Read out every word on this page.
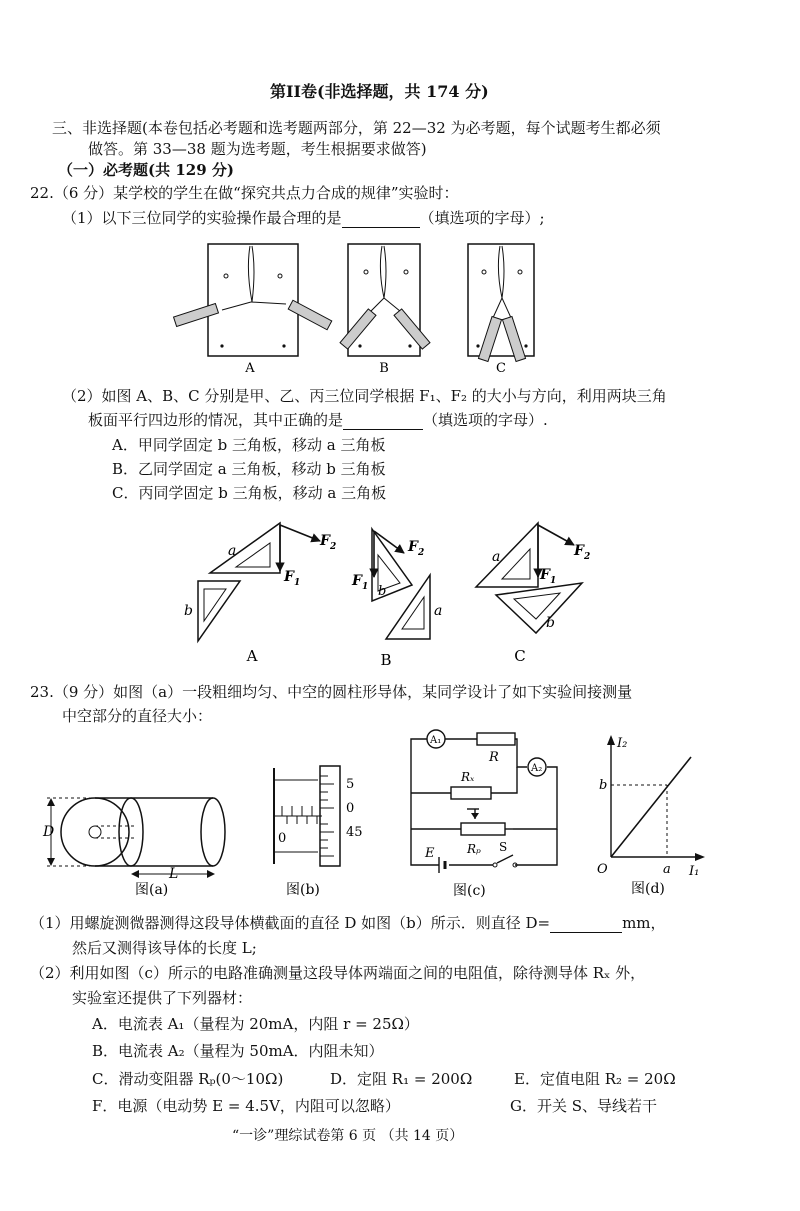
第II卷(非选择题，共 174 分)
三、非选择题(本卷包括必考题和选考题两部分，第 22—32 为必考题，每个试题考生都必须
做答。第 33—38 题为选考题，考生根据要求做答)
（一）必考题(共 129 分)
22.（6 分）某学校的学生在做“探究共点力合成的规律”实验时：
（1）以下三位同学的实验操作最合理的是	（填选项的字母）;
A	B	C
（2）如图 A、B、C 分别是甲、乙、丙三位同学根据 F₁、F₂ 的大小与方向，利用两块三角
板面平行四边形的情况，其中正确的是	（填选项的字母）.
A．甲同学固定 b 三角板，移动 a 三角板
B．乙同学固定 a 三角板，移动 b 三角板
C．丙同学固定 b 三角板，移动 a 三角板
a
b
$F_2$
$F_1$
A
$F_2$
$F_1$ b
a
B
a	$F_2$
$F_1$
b
C
23.（9 分）如图（a）一段粗细均匀、中空的圆柱形导体，某同学设计了如下实验间接测量
中空部分的直径大小：
D
L
图(a)
0
5
0
45
图(b)
A₁
A₂
R
Rₓ
Rₚ
E	S
图(c)
I₂
I₁
O
b
a
图(d)
（1）用螺旋测微器测得这段导体横截面的直径 D 如图（b）所示．则直径 D=	mm，
然后又测得该导体的长度 L;
（2）利用如图（c）所示的电路准确测量这段导体两端面之间的电阻值，除待测导体 Rₓ 外，
实验室还提供了下列器材：
A．电流表 A₁（量程为 20mA，内阻 r = 25Ω）
B．电流表 A₂（量程为 50mA．内阻未知）
C．滑动变阻器 Rₚ(0～10Ω)	D．定阻 R₁ = 200Ω	E．定值电阻 R₂ = 20Ω
F．电源（电动势 E = 4.5V，内阻可以忽略）	G．开关 S、导线若干
“一诊”理综试卷第 6 页 （共 14 页）
